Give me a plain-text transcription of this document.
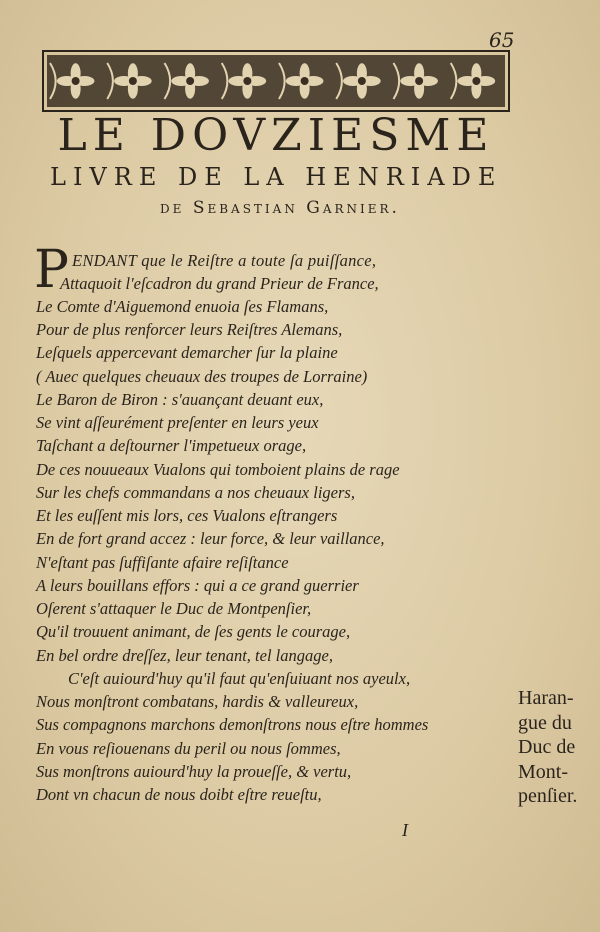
65
LE DOVZIESME
LIVRE DE LA HENRIADE
de Sebastian Garnier.
P ENDANT que le Reiſtre a toute ſa puiſſance,
Attaquoit l'eſcadron du grand Prieur de France,
Le Comte d'Aiguemond enuoia ſes Flamans,
Pour de plus renforcer leurs Reiſtres Alemans,
Leſquels appercevant demarcher ſur la plaine
( Auec quelques cheuaux des troupes de Lorraine)
Le Baron de Biron : s'auançant deuant eux,
Se vint aſſeurément preſenter en leurs yeux
Taſchant a deſtourner l'impetueux orage,
De ces nouueaux Vualons qui tomboient plains de rage
Sur les chefs commandans a nos cheuaux ligers,
Et les euſſent mis lors, ces Vualons eſtrangers
En de fort grand accez : leur force, & leur vaillance,
N'eſtant pas ſuffiſante afaire reſiſtance
A leurs bouillans effors : qui a ce grand guerrier
Oſerent s'attaquer le Duc de Montpenſier,
Qu'il trouuent animant, de ſes gents le courage,
En bel ordre dreſſez, leur tenant, tel langage,
C'eſt auiourd'huy qu'il faut qu'enſuiuant nos ayeulx,
Nous monſtront combatans, hardis & valleureux,
Sus compagnons marchons demonſtrons nous eſtre hommes
En vous reſiouenans du peril ou nous ſommes,
Sus monſtrons auiourd'huy la proueſſe, & vertu,
Dont vn chacun de nous doibt eſtre reueſtu,
Haran-
gue du
Duc de
Mont-
penſier.
I
